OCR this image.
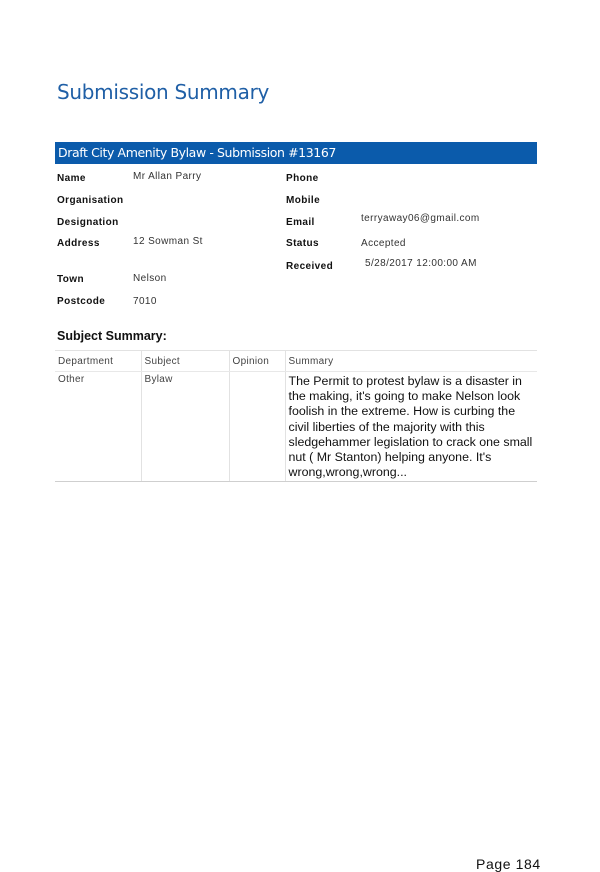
Submission Summary
Draft City Amenity Bylaw - Submission #13167
Name	Mr Allan Parry
Organisation
Designation
Address	12 Sowman St
Town	Nelson
Postcode	7010
Phone
Mobile
Email	terryaway06@gmail.com
Status	Accepted
Received	5/28/2017 12:00:00 AM
Subject Summary:
Department	Subject	Opinion	Summary
Other	Bylaw		The Permit to protest bylaw is a disaster in the making, it's going to make Nelson look foolish in the extreme. How is curbing the civil liberties of the majority with this sledgehammer legislation to crack one small nut ( Mr Stanton) helping anyone. It's wrong,wrong,wrong...
Page 184
